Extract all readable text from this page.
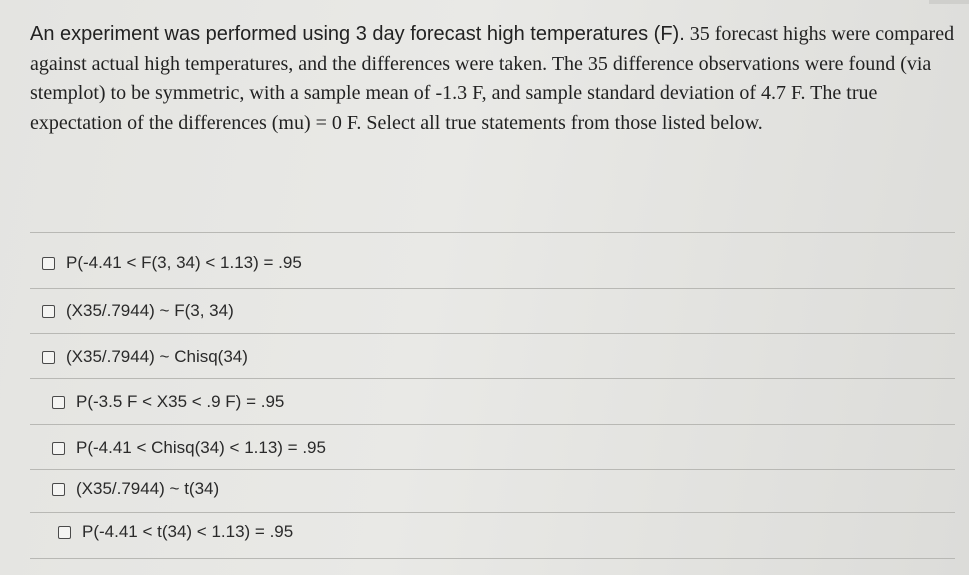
An experiment was performed using 3 day forecast high temperatures (F). 35 forecast highs were compared against actual high temperatures, and the differences were taken. The 35 difference observations were found (via stemplot) to be symmetric, with a sample mean of -1.3 F, and sample standard deviation of 4.7 F. The true expectation of the differences (mu) = 0 F. Select all true statements from those listed below.
P(-4.41 < F(3, 34) < 1.13) = .95
(X35/.7944) ~ F(3, 34)
(X35/.7944) ~ Chisq(34)
P(-3.5 F < X35 < .9 F) = .95
P(-4.41 < Chisq(34) < 1.13) = .95
(X35/.7944) ~ t(34)
P(-4.41 < t(34) < 1.13) = .95
